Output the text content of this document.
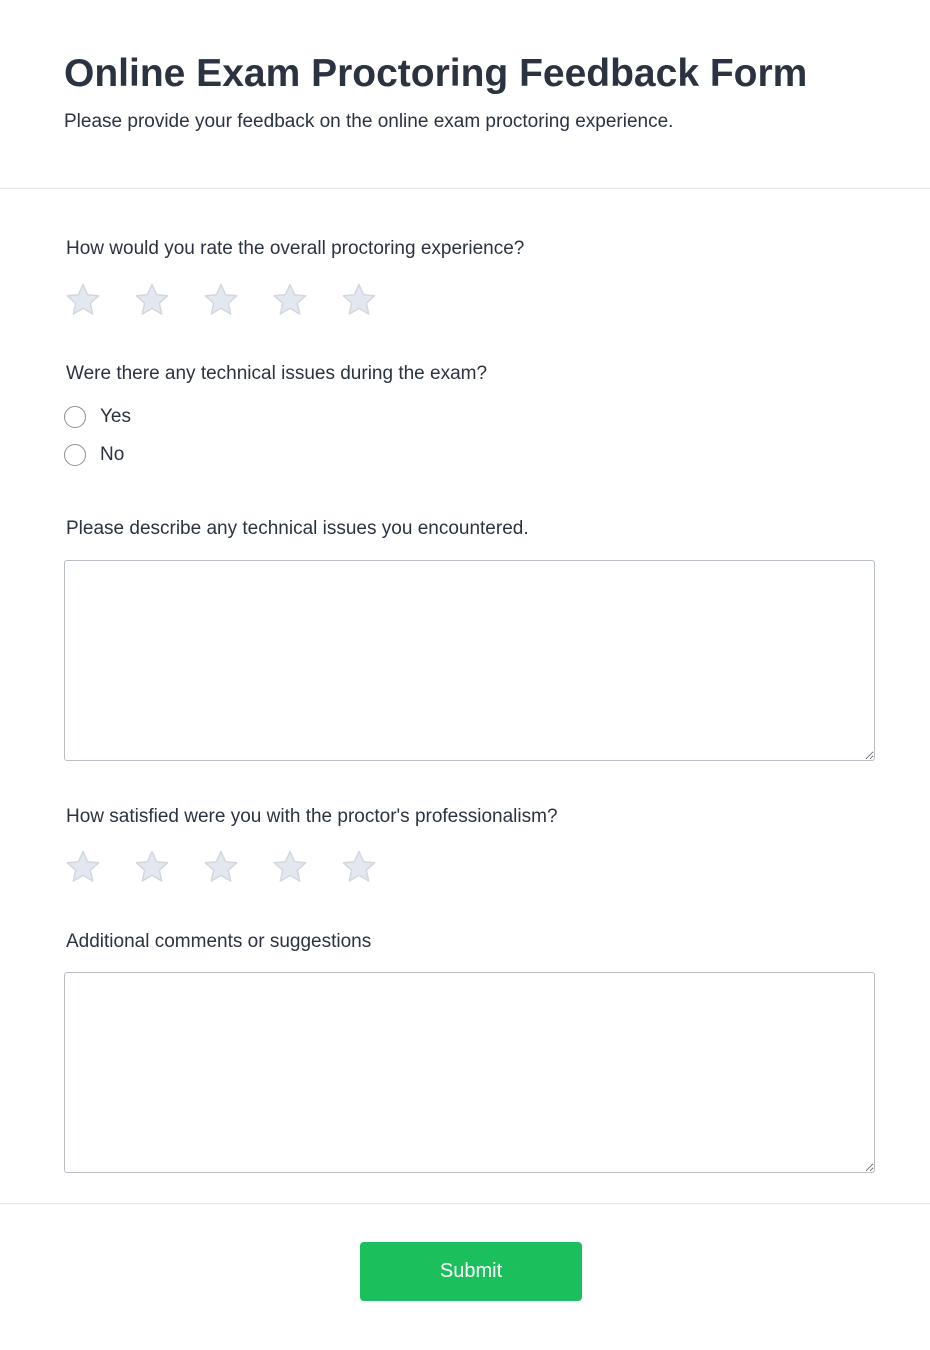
Online Exam Proctoring Feedback Form

Please provide your feedback on the online exam proctoring experience.

How would you rate the overall proctoring experience?

Were there any technical issues during the exam?

Yes
No

Please describe any technical issues you encountered.

How satisfied were you with the proctor's professionalism?

Additional comments or suggestions

Submit
